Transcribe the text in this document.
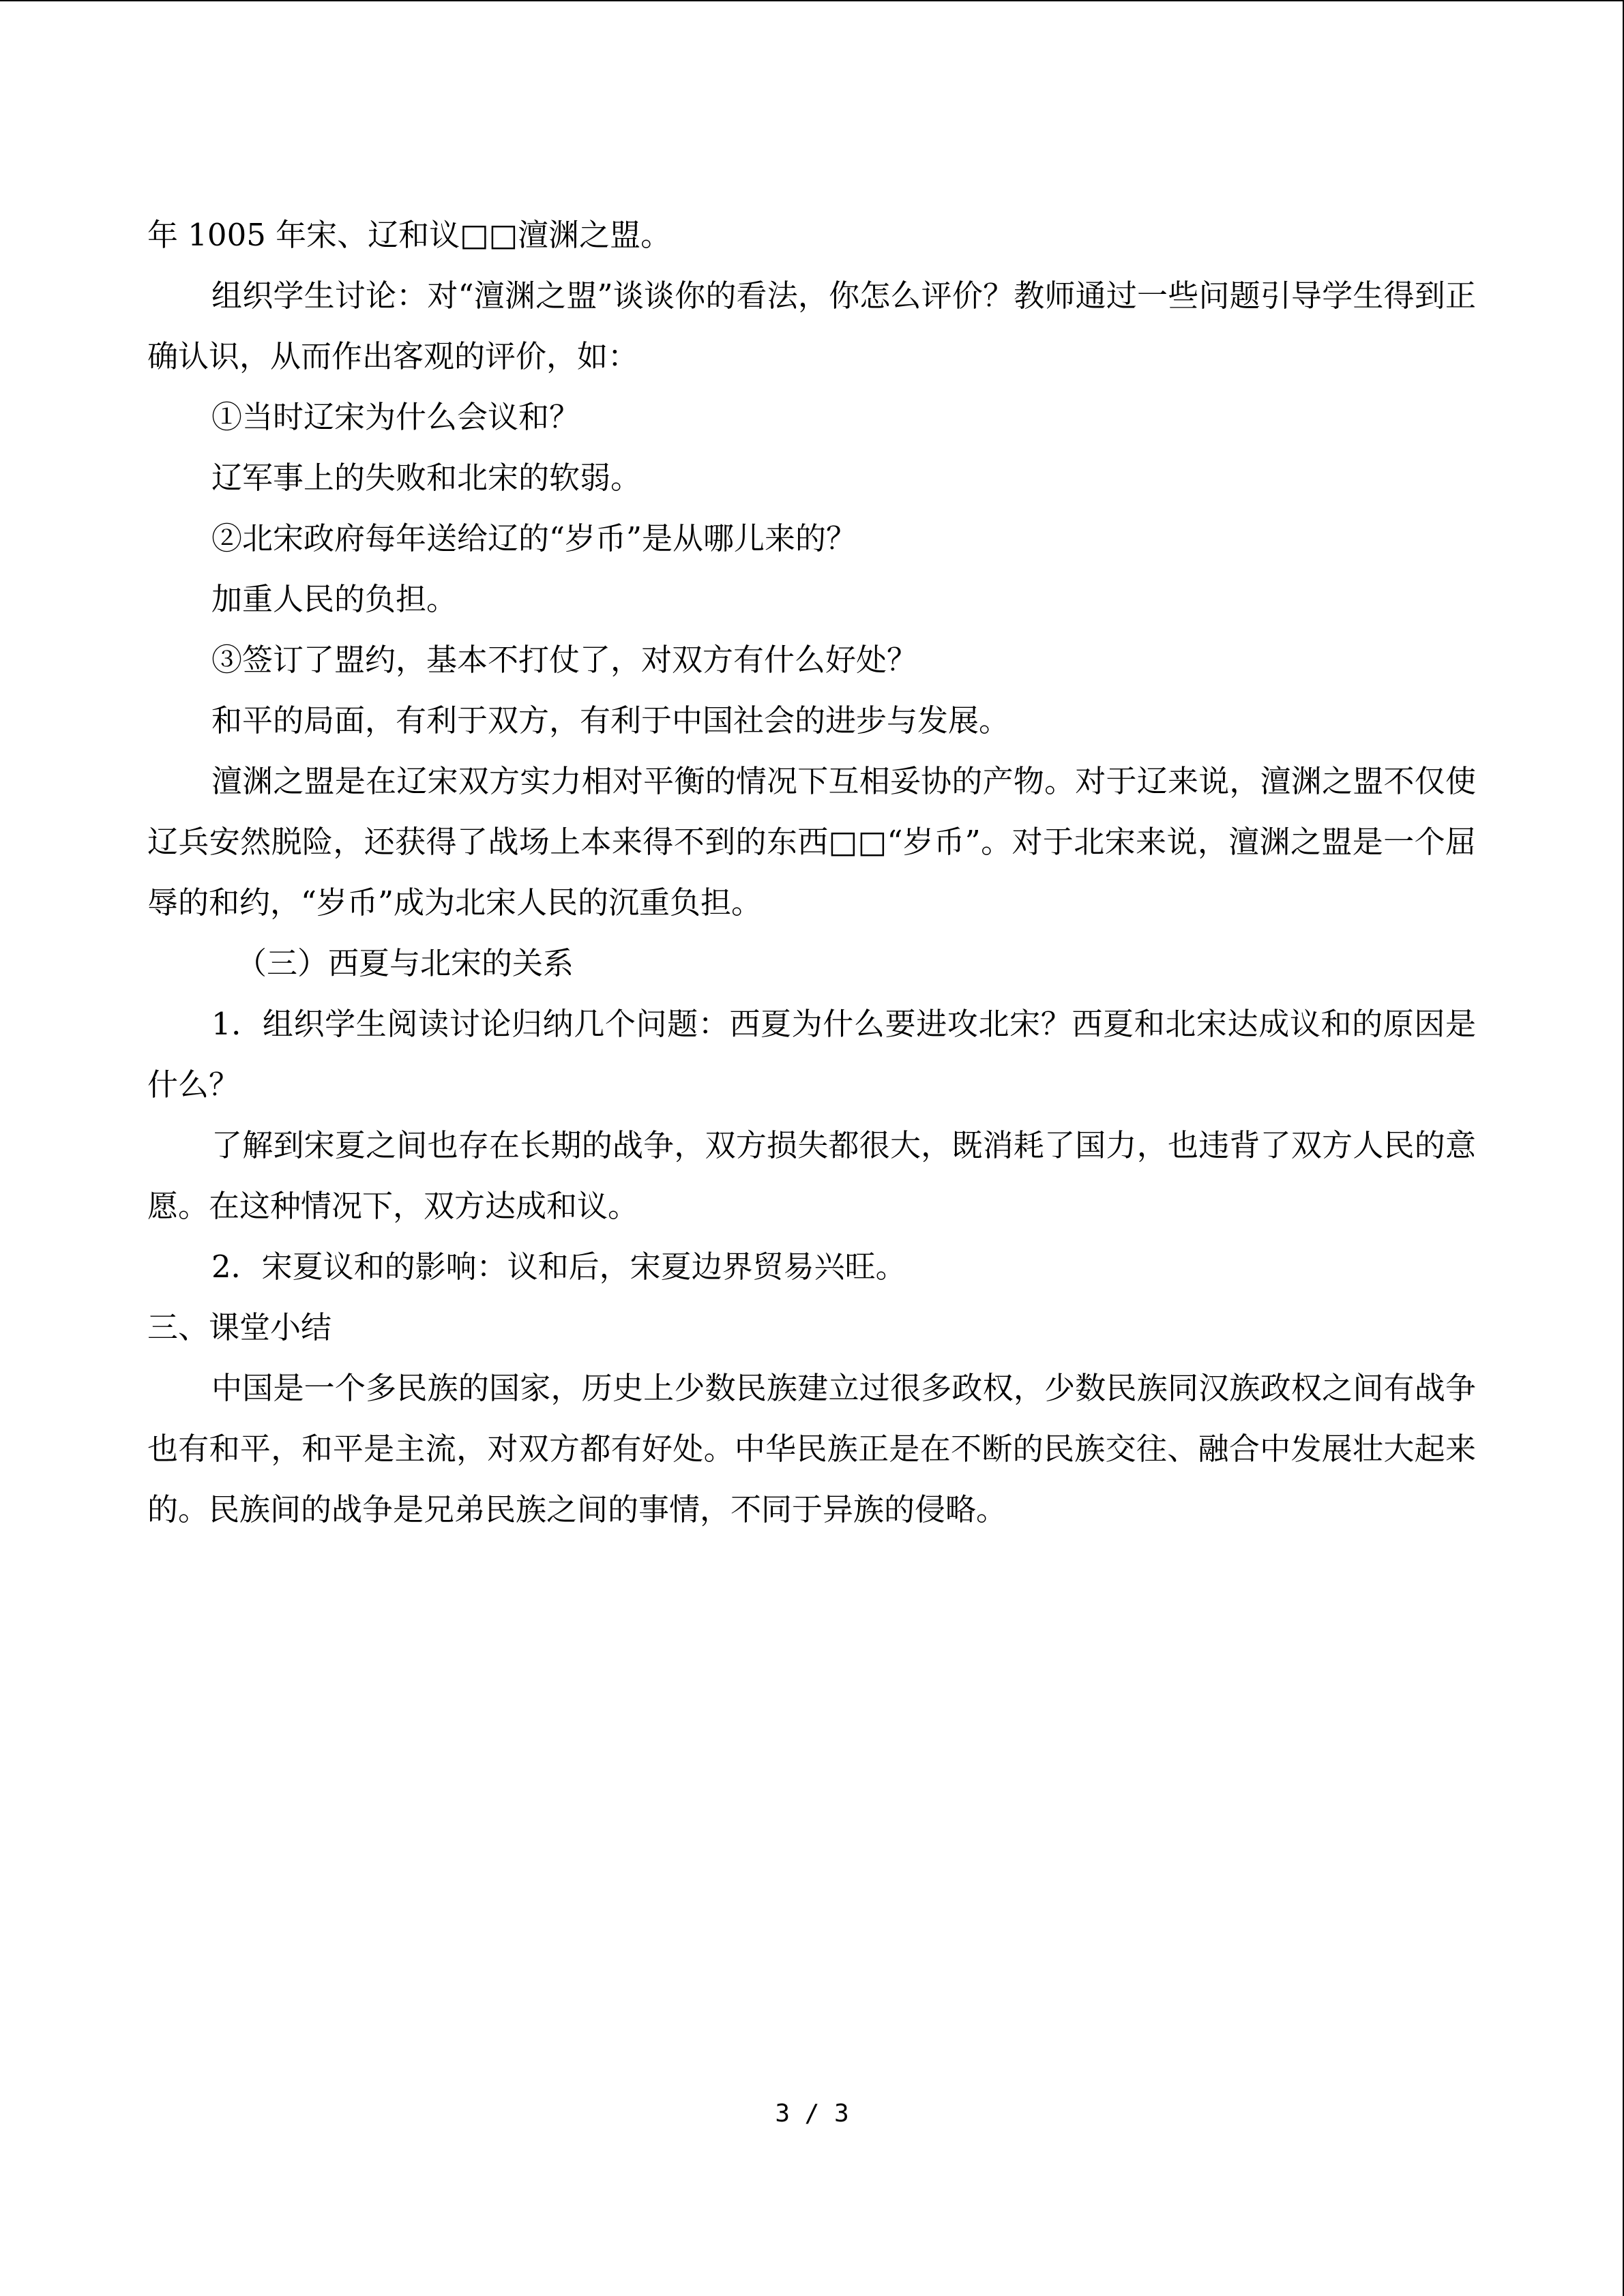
年 1005 年宋、辽和议□□澶渊之盟。

组织学生讨论：对“澶渊之盟”谈谈你的看法，你怎么评价？教师通过一些问题引导学生得到正确认识，从而作出客观的评价，如：

①当时辽宋为什么会议和？

辽军事上的失败和北宋的软弱。

②北宋政府每年送给辽的“岁币”是从哪儿来的？

加重人民的负担。

③签订了盟约，基本不打仗了，对双方有什么好处？

和平的局面，有利于双方，有利于中国社会的进步与发展。

澶渊之盟是在辽宋双方实力相对平衡的情况下互相妥协的产物。对于辽来说，澶渊之盟不仅使辽兵安然脱险，还获得了战场上本来得不到的东西□□“岁币”。对于北宋来说，澶渊之盟是一个屈辱的和约，“岁币”成为北宋人民的沉重负担。

（三）西夏与北宋的关系

1．组织学生阅读讨论归纳几个问题：西夏为什么要进攻北宋？西夏和北宋达成议和的原因是什么？

了解到宋夏之间也存在长期的战争，双方损失都很大，既消耗了国力，也违背了双方人民的意愿。在这种情况下，双方达成和议。

2．宋夏议和的影响：议和后，宋夏边界贸易兴旺。

三、课堂小结

中国是一个多民族的国家，历史上少数民族建立过很多政权，少数民族同汉族政权之间有战争也有和平，和平是主流，对双方都有好处。中华民族正是在不断的民族交往、融合中发展壮大起来的。民族间的战争是兄弟民族之间的事情，不同于异族的侵略。

3 / 3
